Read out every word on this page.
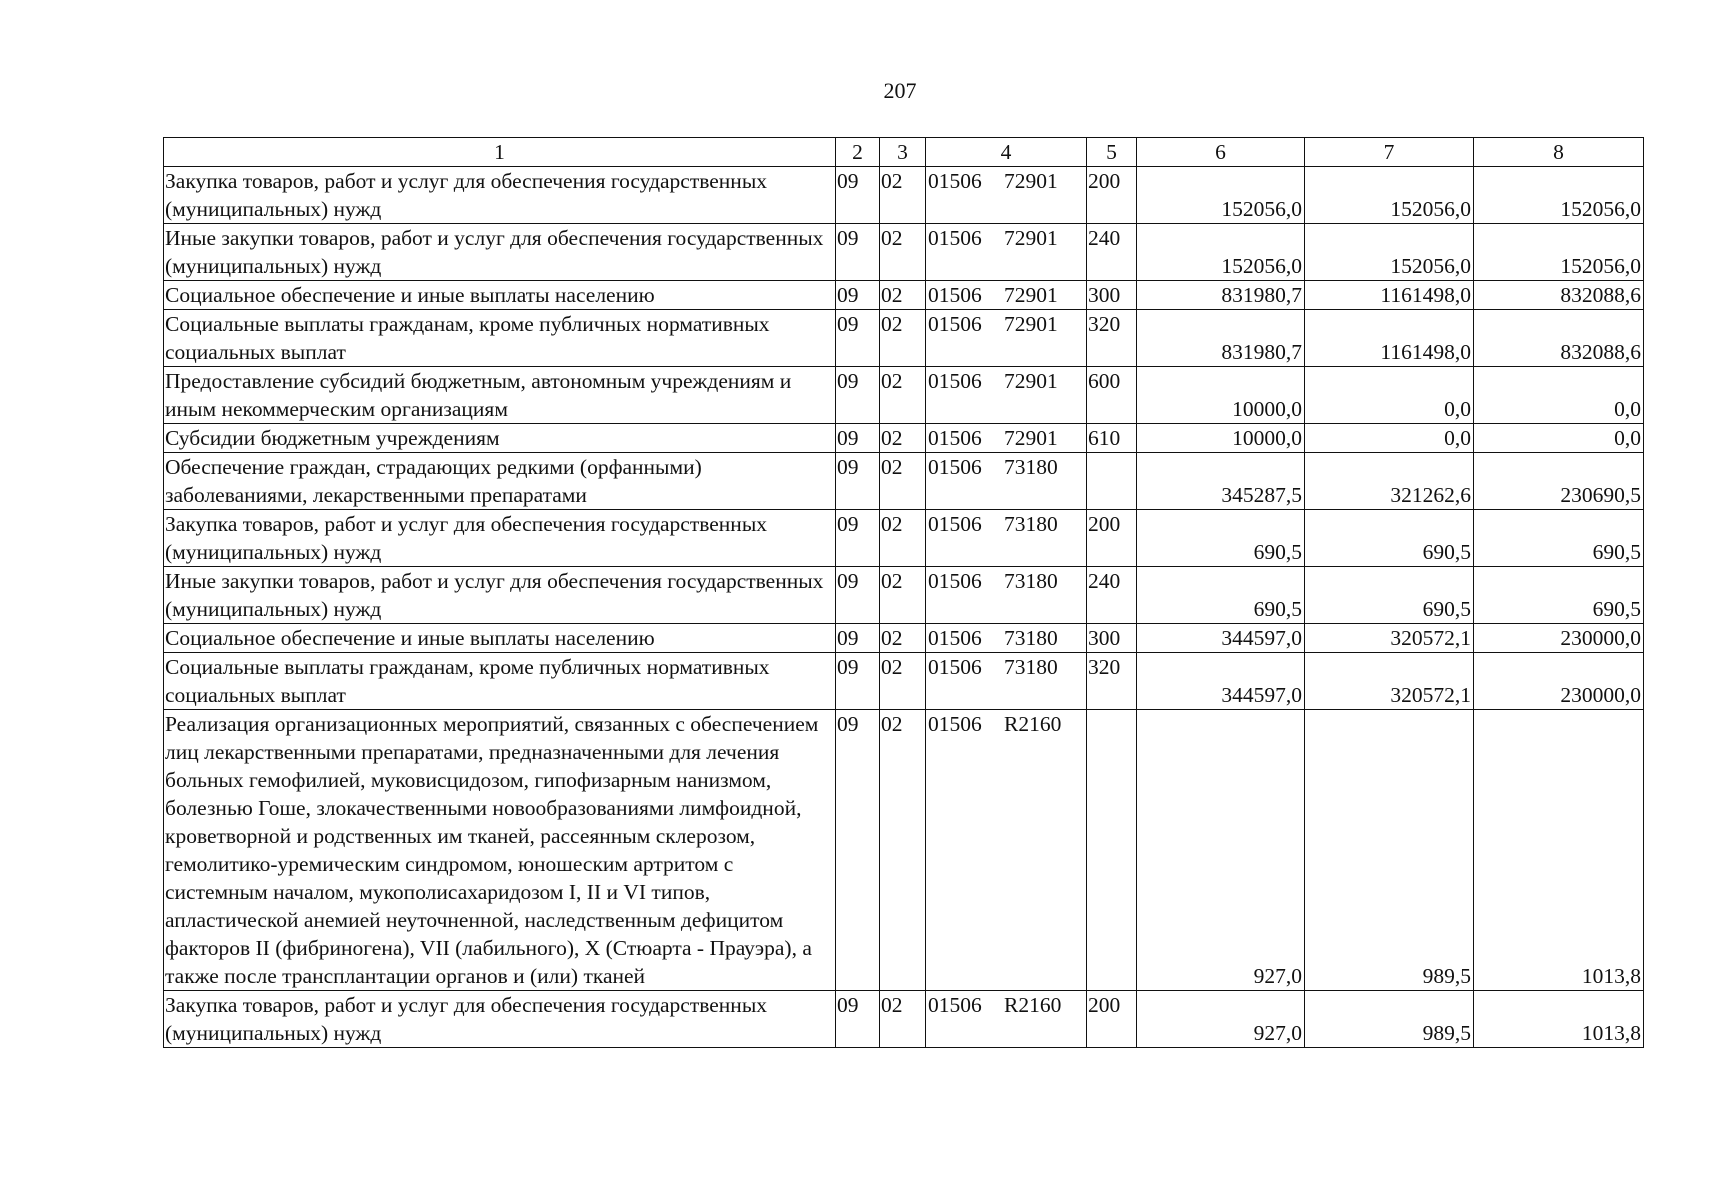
207
1	2	3	4	5	6	7	8
Закупка товаров, работ и услуг для обеспечения государственных (муниципальных) нужд	09	02	01506 72901	200	152056,0	152056,0	152056,0
Иные закупки товаров, работ и услуг для обеспечения государственных (муниципальных) нужд	09	02	01506 72901	240	152056,0	152056,0	152056,0
Социальное обеспечение и иные выплаты населению	09	02	01506 72901	300	831980,7	1161498,0	832088,6
Социальные выплаты гражданам, кроме публичных нормативных социальных выплат	09	02	01506 72901	320	831980,7	1161498,0	832088,6
Предоставление субсидий бюджетным, автономным учреждениям и иным некоммерческим организациям	09	02	01506 72901	600	10000,0	0,0	0,0
Субсидии бюджетным учреждениям	09	02	01506 72901	610	10000,0	0,0	0,0
Обеспечение граждан, страдающих редкими (орфанными) заболеваниями, лекарственными препаратами	09	02	01506 73180		345287,5	321262,6	230690,5
Закупка товаров, работ и услуг для обеспечения государственных (муниципальных) нужд	09	02	01506 73180	200	690,5	690,5	690,5
Иные закупки товаров, работ и услуг для обеспечения государственных (муниципальных) нужд	09	02	01506 73180	240	690,5	690,5	690,5
Социальное обеспечение и иные выплаты населению	09	02	01506 73180	300	344597,0	320572,1	230000,0
Социальные выплаты гражданам, кроме публичных нормативных социальных выплат	09	02	01506 73180	320	344597,0	320572,1	230000,0
Реализация организационных мероприятий, связанных с обеспечением лиц лекарственными препаратами, предназначенными для лечения больных гемофилией, муковисцидозом, гипофизарным нанизмом, болезнью Гоше, злокачественными новообразованиями лимфоидной, кроветворной и родственных им тканей, рассеянным склерозом, гемолитико-уремическим синдромом, юношеским артритом с системным началом, мукополисахаридозом I, II и VI типов, апластической анемией неуточненной, наследственным дефицитом факторов II (фибриногена), VII (лабильного), X (Стюарта - Прауэра), а также после трансплантации органов и (или) тканей	09	02	01506 R2160		927,0	989,5	1013,8
Закупка товаров, работ и услуг для обеспечения государственных (муниципальных) нужд	09	02	01506 R2160	200	927,0	989,5	1013,8
